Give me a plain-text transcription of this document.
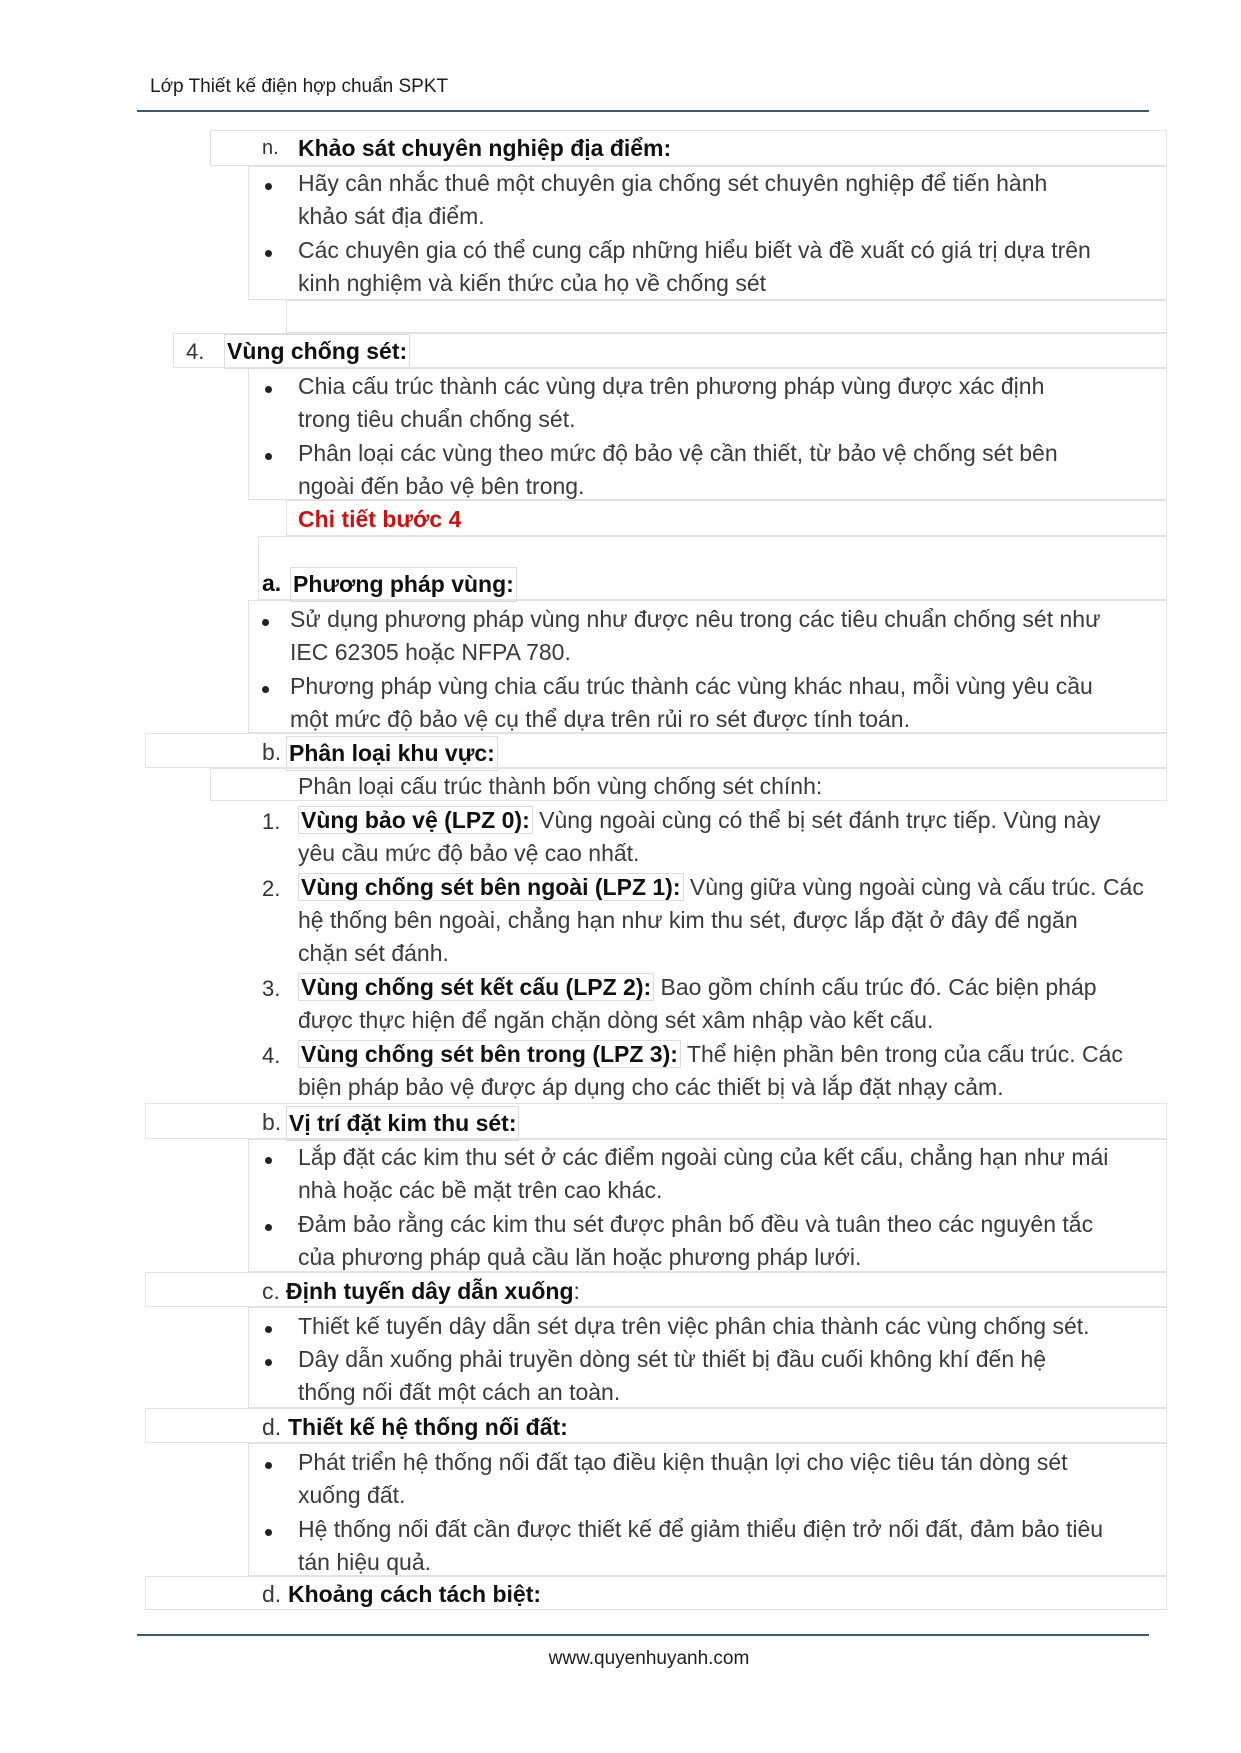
Lớp Thiết kế điện hợp chuẩn SPKT
www.quyenhuyanh.com
n. Khảo sát chuyên nghiệp địa điểm:
Hãy cân nhắc thuê một chuyên gia chống sét chuyên nghiệp để tiến hành
khảo sát địa điểm.
Các chuyên gia có thể cung cấp những hiểu biết và đề xuất có giá trị dựa trên
kinh nghiệm và kiến thức của họ về chống sét
4. Vùng chống sét:
Chia cấu trúc thành các vùng dựa trên phương pháp vùng được xác định
trong tiêu chuẩn chống sét.
Phân loại các vùng theo mức độ bảo vệ cần thiết, từ bảo vệ chống sét bên
ngoài đến bảo vệ bên trong.
Chi tiết bước 4
a. Phương pháp vùng:
Sử dụng phương pháp vùng như được nêu trong các tiêu chuẩn chống sét như
IEC 62305 hoặc NFPA 780.
Phương pháp vùng chia cấu trúc thành các vùng khác nhau, mỗi vùng yêu cầu
một mức độ bảo vệ cụ thể dựa trên rủi ro sét được tính toán.
b. Phân loại khu vực:
Phân loại cấu trúc thành bốn vùng chống sét chính:
1. Vùng bảo vệ (LPZ 0): Vùng ngoài cùng có thể bị sét đánh trực tiếp. Vùng này
yêu cầu mức độ bảo vệ cao nhất.
2. Vùng chống sét bên ngoài (LPZ 1): Vùng giữa vùng ngoài cùng và cấu trúc. Các
hệ thống bên ngoài, chẳng hạn như kim thu sét, được lắp đặt ở đây để ngăn
chặn sét đánh.
3. Vùng chống sét kết cấu (LPZ 2): Bao gồm chính cấu trúc đó. Các biện pháp
được thực hiện để ngăn chặn dòng sét xâm nhập vào kết cấu.
4. Vùng chống sét bên trong (LPZ 3): Thể hiện phần bên trong của cấu trúc. Các
biện pháp bảo vệ được áp dụng cho các thiết bị và lắp đặt nhạy cảm.
b. Vị trí đặt kim thu sét:
Lắp đặt các kim thu sét ở các điểm ngoài cùng của kết cấu, chẳng hạn như mái
nhà hoặc các bề mặt trên cao khác.
Đảm bảo rằng các kim thu sét được phân bố đều và tuân theo các nguyên tắc
của phương pháp quả cầu lăn hoặc phương pháp lưới.
c. Định tuyến dây dẫn xuống:
Thiết kế tuyến dây dẫn sét dựa trên việc phân chia thành các vùng chống sét.
Dây dẫn xuống phải truyền dòng sét từ thiết bị đầu cuối không khí đến hệ
thống nối đất một cách an toàn.
d. Thiết kế hệ thống nối đất:
Phát triển hệ thống nối đất tạo điều kiện thuận lợi cho việc tiêu tán dòng sét
xuống đất.
Hệ thống nối đất cần được thiết kế để giảm thiểu điện trở nối đất, đảm bảo tiêu
tán hiệu quả.
d. Khoảng cách tách biệt:
